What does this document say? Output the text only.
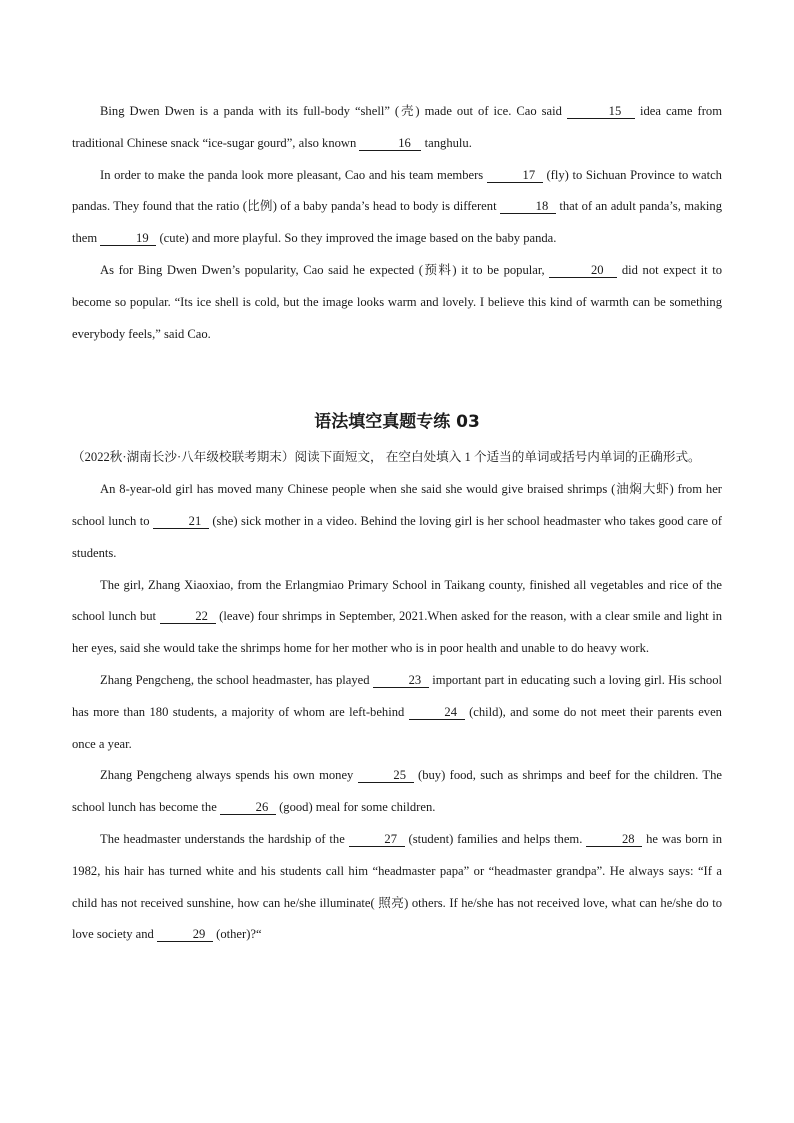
Bing Dwen Dwen is a panda with its full-body “shell” (壳) made out of ice. Cao said	15 idea came from traditional Chinese snack “ice-sugar gourd”, also known	16 tanghulu.

In order to make the panda look more pleasant, Cao and his team members	17 (fly) to Sichuan Province to watch pandas. They found that the ratio (比例) of a baby panda’s head to body is different	18 that of an adult panda’s, making them	19 (cute) and more playful. So they improved the image based on the baby panda.

As for Bing Dwen Dwen’s popularity, Cao said he expected (预料) it to be popular,	20 did not expect it to become so popular. “Its ice shell is cold, but the image looks warm and lovely. I believe this kind of warmth can be something everybody feels,” said Cao.

语法填空真题专练 03

（2022秋·湖南长沙·八年级校联考期末）阅读下面短文， 在空白处填入 1 个适当的单词或括号内单词的正确形式。

An 8-year-old girl has moved many Chinese people when she said she would give braised shrimps (油焖大虾) from her school lunch to	21 (she) sick mother in a video. Behind the loving girl is her school headmaster who takes good care of students.

The girl, Zhang Xiaoxiao, from the Erlangmiao Primary School in Taikang county, finished all vegetables and rice of the school lunch but	22 (leave) four shrimps in September, 2021.When asked for the reason, with a clear smile and light in her eyes, said she would take the shrimps home for her mother who is in poor health and unable to do heavy work.

Zhang Pengcheng, the school headmaster, has played	23 important part in educating such a loving girl. His school has more than 180 students, a majority of whom are left-behind	24 (child), and some do not meet their parents even once a year.

Zhang Pengcheng always spends his own money	25 (buy) food, such as shrimps and beef for the children. The school lunch has become the	26 (good) meal for some children.

The headmaster understands the hardship of the	27 (student) families and helps them.	28 he was born in 1982, his hair has turned white and his students call him “headmaster papa” or “headmaster grandpa”. He always says: “If a child has not received sunshine, how can he/she illuminate( 照亮) others. If he/she has not received love, what can he/she do to love society and	29 (other)?“
